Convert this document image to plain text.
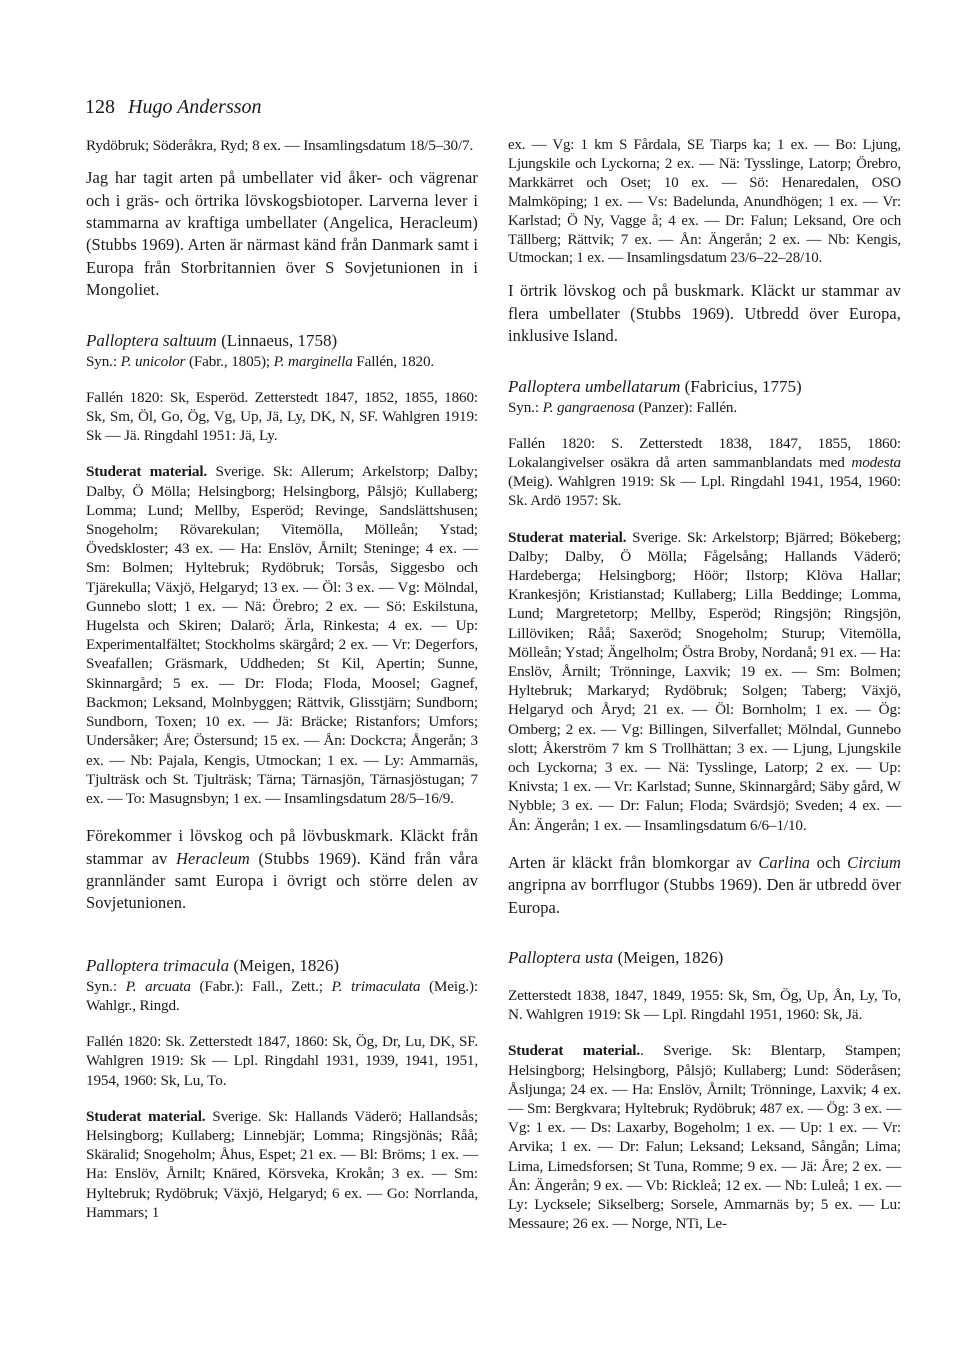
128 Hugo Andersson

Rydöbruk; Söderåkra, Ryd; 8 ex. — Insamlingsdatum 18/5–30/7.

Jag har tagit arten på umbellater vid åker- och vägrenar och i gräs- och örtrika lövskogsbiotoper. Larverna lever i stammarna av kraftiga umbellater (Angelica, Heracleum) (Stubbs 1969). Arten är närmast känd från Danmark samt i Europa från Storbritannien över S Sovjetunionen in i Mongoliet.

Palloptera saltuum (Linnaeus, 1758)

Syn.: P. unicolor (Fabr., 1805); P. marginella Fallén, 1820.

Fallén 1820: Sk, Esperöd. Zetterstedt 1847, 1852, 1855, 1860: Sk, Sm, Öl, Go, Ög, Vg, Up, Jä, Ly, DK, N, SF. Wahlgren 1919: Sk — Jä. Ringdahl 1951: Jä, Ly.

Studerat material. Sverige. Sk: Allerum; Arkelstorp; Dalby; Dalby, Ö Mölla; Helsingborg; Helsingborg, Pålsjö; Kullaberg; Lomma; Lund; Mellby, Esperöd; Revinge, Sandslättshusen; Snogeholm; Rövarekulan; Vitemölla, Mölleån; Ystad; Övedskloster; 43 ex. — Ha: Enslöv, Årnilt; Steninge; 4 ex. — Sm: Bolmen; Hyltebruk; Rydöbruk; Torsås, Siggesbo och Tjärekulla; Växjö, Helgaryd; 13 ex. — Öl: 3 ex. — Vg: Mölndal, Gunnebo slott; 1 ex. — Nä: Örebro; 2 ex. — Sö: Eskilstuna, Hugelsta och Skiren; Dalarö; Ärla, Rinkesta; 4 ex. — Up: Experimentalfältet; Stockholms skärgård; 2 ex. — Vr: Degerfors, Sveafallen; Gräsmark, Uddheden; St Kil, Apertin; Sunne, Skinnargård; 5 ex. — Dr: Floda; Floda, Moosel; Gagnef, Backmon; Leksand, Molnbyggen; Rättvik, Glisstjärn; Sundborn; Sundborn, Toxen; 10 ex. — Jä: Bräcke; Ristanfors; Umfors; Undersåker; Åre; Östersund; 15 ex. — Ån: Dockста; Ångerån; 3 ex. — Nb: Pajala, Kengis, Utmockan; 1 ex. — Ly: Ammarnäs, Tjulträsk och St. Tjulträsk; Tärna; Tärnasjön, Tärnasjöstugan; 7 ex. — To: Masugnsbyn; 1 ex. — Insamlingsdatum 28/5–16/9.

Förekommer i lövskog och på lövbuskmark. Kläckt från stammar av Heracleum (Stubbs 1969). Känd från våra grannländer samt Europa i övrigt och större delen av Sovjetunionen.

Palloptera trimacula (Meigen, 1826)

Syn.: P. arcuata (Fabr.): Fall., Zett.; P. trimaculata (Meig.): Wahlgr., Ringd.

Fallén 1820: Sk. Zetterstedt 1847, 1860: Sk, Ög, Dr, Lu, DK, SF. Wahlgren 1919: Sk — Lpl. Ringdahl 1931, 1939, 1941, 1951, 1954, 1960: Sk, Lu, To.

Studerat material. Sverige. Sk: Hallands Väderö; Hallandsås; Helsingborg; Kullaberg; Linnebjär; Lomma; Ringsjönäs; Råå; Skäralid; Snogeholm; Åhus, Espet; 21 ex. — Bl: Bröms; 1 ex. — Ha: Enslöv, Årnilt; Knäred, Körsveka, Krokån; 3 ex. — Sm: Hyltebruk; Rydöbruk; Växjö, Helgaryd; 6 ex. — Go: Norrlanda, Hammars; 1

ex. — Vg: 1 km S Fårdala, SE Tiarps ka; 1 ex. — Bo: Ljung, Ljungskile och Lyckorna; 2 ex. — Nä: Tysslinge, Latorp; Örebro, Markkärret och Oset; 10 ex. — Sö: Henaredalen, OSO Malmköping; 1 ex. — Vs: Badelunda, Anundhögen; 1 ex. — Vr: Karlstad; Ö Ny, Vagge å; 4 ex. — Dr: Falun; Leksand, Ore och Tällberg; Rättvik; 7 ex. — Ån: Ängerån; 2 ex. — Nb: Kengis, Utmockan; 1 ex. — Insamlingsdatum 23/6–22–28/10.

I örtrik lövskog och på buskmark. Kläckt ur stammar av flera umbellater (Stubbs 1969). Utbredd över Europa, inklusive Island.

Palloptera umbellatarum (Fabricius, 1775)

Syn.: P. gangraenosa (Panzer): Fallén.

Fallén 1820: S. Zetterstedt 1838, 1847, 1855, 1860: Lokalangivelser osäkra då arten sammanblandats med modesta (Meig). Wahlgren 1919: Sk — Lpl. Ringdahl 1941, 1954, 1960: Sk. Ardö 1957: Sk.

Studerat material. Sverige. Sk: Arkelstorp; Bjärred; Bökeberg; Dalby; Dalby, Ö Mölla; Fågelsång; Hallands Väderö; Hardeberga; Helsingborg; Höör; Ilstorp; Klöva Hallar; Krankesjön; Kristianstad; Kullaberg; Lilla Beddinge; Lomma, Lund; Margretetorp; Mellby, Esperöd; Ringsjön; Ringsjön, Lillöviken; Råå; Saxeröd; Snogeholm; Sturup; Vitemölla, Mölleån; Ystad; Ängelholm; Östra Broby, Nordanå; 91 ex. — Ha: Enslöv, Årnilt; Trönninge, Laxvik; 19 ex. — Sm: Bolmen; Hyltebruk; Markaryd; Rydöbruk; Solgen; Taberg; Växjö, Helgaryd och Åryd; 21 ex. — Öl: Bornholm; 1 ex. — Ög: Omberg; 2 ex. — Vg: Billingen, Silverfallet; Mölndal, Gunnebo slott; Åkerström 7 km S Trollhättan; 3 ex. — Ljung, Ljungskile och Lyckorna; 3 ex. — Nä: Tysslinge, Latorp; 2 ex. — Up: Knivsta; 1 ex. — Vr: Karlstad; Sunne, Skinnargård; Säby gård, W Nybble; 3 ex. — Dr: Falun; Floda; Svärdsjö; Sveden; 4 ex. — Ån: Ängerån; 1 ex. — Insamlingsdatum 6/6–1/10.

Arten är kläckt från blomkorgar av Carlina och Circium angripna av borrflugor (Stubbs 1969). Den är utbredd över Europa.

Palloptera usta (Meigen, 1826)

Zetterstedt 1838, 1847, 1849, 1955: Sk, Sm, Ög, Up, Ån, Ly, To, N. Wahlgren 1919: Sk — Lpl. Ringdahl 1951, 1960: Sk, Jä.

Studerat material.. Sverige. Sk: Blentarp, Stampen; Helsingborg; Helsingborg, Pålsjö; Kullaberg; Lund: Söderåsen; Åsljunga; 24 ex. — Ha: Enslöv, Årnilt; Trönninge, Laxvik; 4 ex. — Sm: Bergkvara; Hyltebruk; Rydöbruk; 487 ex. — Ög: 3 ex. — Vg: 1 ex. — Ds: Laxarby, Bogeholm; 1 ex. — Up: 1 ex. — Vr: Arvika; 1 ex. — Dr: Falun; Leksand; Leksand, Sångån; Lima; Lima, Limedsforsen; St Tuna, Romme; 9 ex. — Jä: Åre; 2 ex. — Ån: Ängerån; 9 ex. — Vb: Rickleå; 12 ex. — Nb: Luleå; 1 ex. — Ly: Lycksele; Sikselberg; Sorsele, Ammarnäs by; 5 ex. — Lu: Messaure; 26 ex. — Norge, NTi, Le-
